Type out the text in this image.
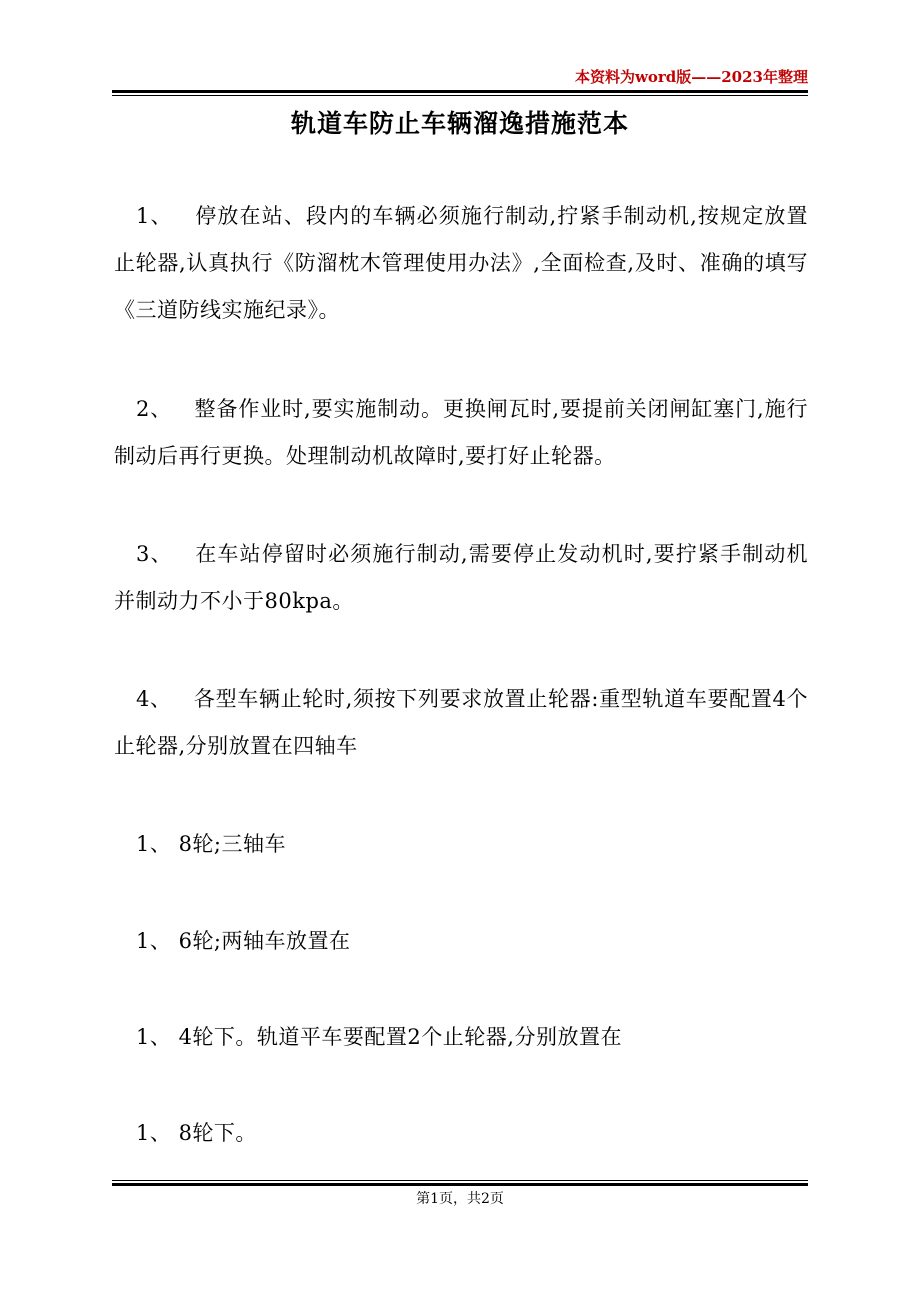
本资料为word版——2023年整理
轨道车防止车辆溜逸措施范本

1、 停放在站、段内的车辆必须施行制动,拧紧手制动机,按规定放置止轮器,认真执行《防溜枕木管理使用办法》,全面检查,及时、准确的填写《三道防线实施纪录》。

2、 整备作业时,要实施制动。更换闸瓦时,要提前关闭闸缸塞门,施行制动后再行更换。处理制动机故障时,要打好止轮器。

3、 在车站停留时必须施行制动,需要停止发动机时,要拧紧手制动机并制动力不小于80kpa。

4、 各型车辆止轮时,须按下列要求放置止轮器:重型轨道车要配置4个止轮器,分别放置在四轴车

1、 8轮;三轴车

1、 6轮;两轴车放置在

1、 4轮下。轨道平车要配置2个止轮器,分别放置在

1、 8轮下。

第1页，共2页
